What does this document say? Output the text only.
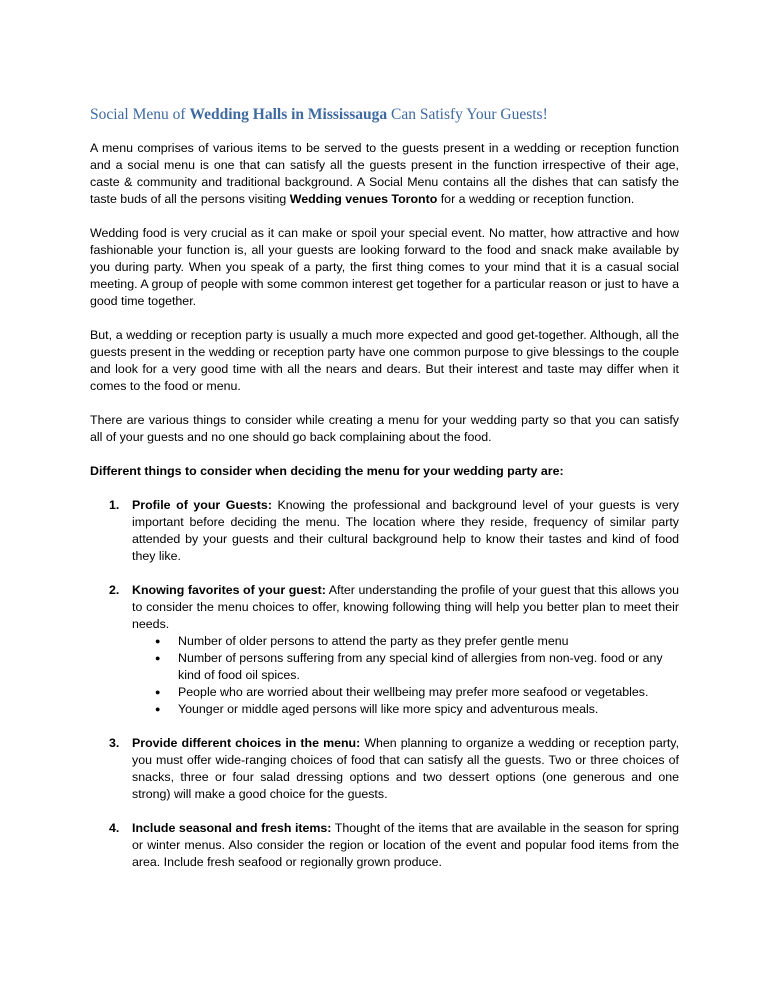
Social Menu of Wedding Halls in Mississauga Can Satisfy Your Guests!

A menu comprises of various items to be served to the guests present in a wedding or reception function and a social menu is one that can satisfy all the guests present in the function irrespective of their age, caste & community and traditional background. A Social Menu contains all the dishes that can satisfy the taste buds of all the persons visiting Wedding venues Toronto for a wedding or reception function.

Wedding food is very crucial as it can make or spoil your special event. No matter, how attractive and how fashionable your function is, all your guests are looking forward to the food and snack make available by you during party. When you speak of a party, the first thing comes to your mind that it is a casual social meeting. A group of people with some common interest get together for a particular reason or just to have a good time together.

But, a wedding or reception party is usually a much more expected and good get-together. Although, all the guests present in the wedding or reception party have one common purpose to give blessings to the couple and look for a very good time with all the nears and dears. But their interest and taste may differ when it comes to the food or menu.

There are various things to consider while creating a menu for your wedding party so that you can satisfy all of your guests and no one should go back complaining about the food.

Different things to consider when deciding the menu for your wedding party are:

1. Profile of your Guests: Knowing the professional and background level of your guests is very important before deciding the menu. The location where they reside, frequency of similar party attended by your guests and their cultural background help to know their tastes and kind of food they like.
2. Knowing favorites of your guest: After understanding the profile of your guest that this allows you to consider the menu choices to offer, knowing following thing will help you better plan to meet their needs.
● Number of older persons to attend the party as they prefer gentle menu
● Number of persons suffering from any special kind of allergies from non-veg. food or any kind of food oil spices.
● People who are worried about their wellbeing may prefer more seafood or vegetables.
● Younger or middle aged persons will like more spicy and adventurous meals.
3. Provide different choices in the menu: When planning to organize a wedding or reception party, you must offer wide-ranging choices of food that can satisfy all the guests. Two or three choices of snacks, three or four salad dressing options and two dessert options (one generous and one strong) will make a good choice for the guests.
4. Include seasonal and fresh items: Thought of the items that are available in the season for spring or winter menus. Also consider the region or location of the event and popular food items from the area. Include fresh seafood or regionally grown produce.
